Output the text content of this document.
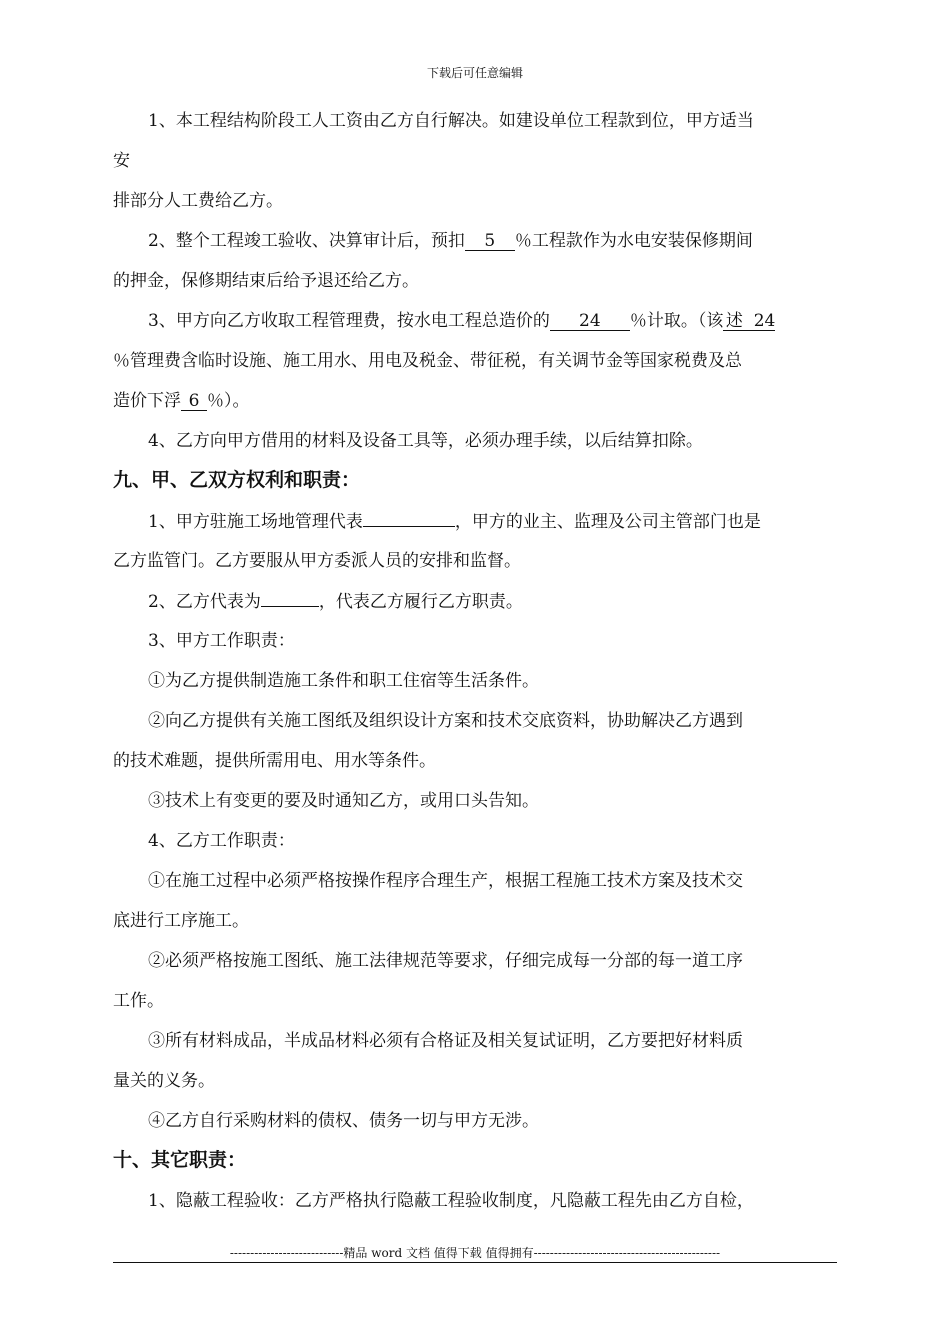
下载后可任意编辑
1、本工程结构阶段工人工资由乙方自行解决。如建设单位工程款到位，甲方适当
安
排部分人工费给乙方。
2、整个工程竣工验收、决算审计后，预扣 5 ％工程款作为水电安装保修期间
的押金，保修期结束后给予退还给乙方。
3、甲方向乙方收取工程管理费，按水电工程总造价的 24 ％计取。（该 述 24
％管理费含临时设施、施工用水、用电及税金、带征税，有关调节金等国家税费及总
造价下浮 6 ％）。
4、乙方向甲方借用的材料及设备工具等，必须办理手续，以后结算扣除。
九、甲、乙双方权利和职责：
1、甲方驻施工场地管理代表	，甲方的业主、监理及公司主管部门也是
乙方监管门。乙方要服从甲方委派人员的安排和监督。
2、乙方代表为	，代表乙方履行乙方职责。
3、甲方工作职责：
①为乙方提供制造施工条件和职工住宿等生活条件。
②向乙方提供有关施工图纸及组织设计方案和技术交底资料，协助解决乙方遇到
的技术难题，提供所需用电、用水等条件。
③技术上有变更的要及时通知乙方，或用口头告知。
4、乙方工作职责：
①在施工过程中必须严格按操作程序合理生产，根据工程施工技术方案及技术交
底进行工序施工。
②必须严格按施工图纸、施工法律规范等要求，仔细完成每一分部的每一道工序
工作。
③所有材料成品，半成品材料必须有合格证及相关复试证明，乙方要把好材料质
量关的义务。
④乙方自行采购材料的债权、债务一切与甲方无涉。
十、其它职责：
1、隐蔽工程验收：乙方严格执行隐蔽工程验收制度，凡隐蔽工程先由乙方自检，
----------------------------精品 word 文档 值得下载 值得拥有----------------------------------------------
